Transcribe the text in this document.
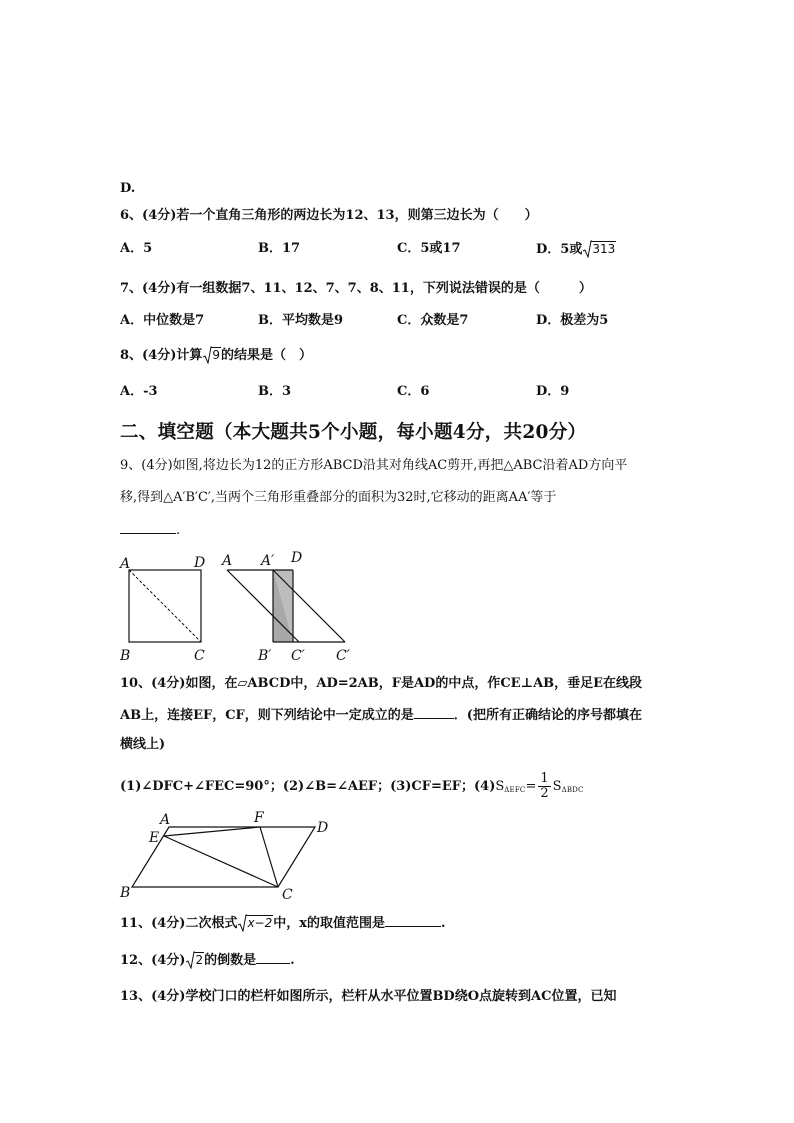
D.
6、(4分)若一个直角三角形的两边长为12、13，则第三边长为（　　）
A．5	B．17	C．5或17	D．5或 313
7、(4分)有一组数据7、11、12、7、7、8、11，下列说法错误的是（　　　）
A．中位数是7	B．平均数是9	C．众数是7	D．极差为5
8、(4分)计算 9的结果是（　）
A．-3	B．3	C．6	D．9
二、填空题（本大题共5个小题，每小题4分，共20分）
9、(4分)如图,将边长为12的正方形ABCD沿其对角线AC剪开,再把△ABC沿着AD方向平
移,得到△A′B′C′,当两个三角形重叠部分的面积为32时,它移动的距离AA′等于
.
A	D
B	C
A A′ D
B′ C′ C′
10、(4分)如图，在▱ABCD中，AD=2AB，F是AD的中点，作CE⊥AB，垂足E在线段
AB上，连接EF，CF，则下列结论中一定成立的是	．(把所有正确结论的序号都填在
横线上)
(1)∠DFC+∠FEC=90°；(2)∠B=∠AEF；(3)CF=EF；$(4)S_{\Delta EFC}= \frac{1}{2} S_{\Delta BDC}$
A	F
D
E
B	C
11、(4分)二次根式 x−2中，x的取值范围是	.
12、(4分) 2的倒数是	.
13、(4分)学校门口的栏杆如图所示，栏杆从水平位置BD绕O点旋转到AC位置，已知
